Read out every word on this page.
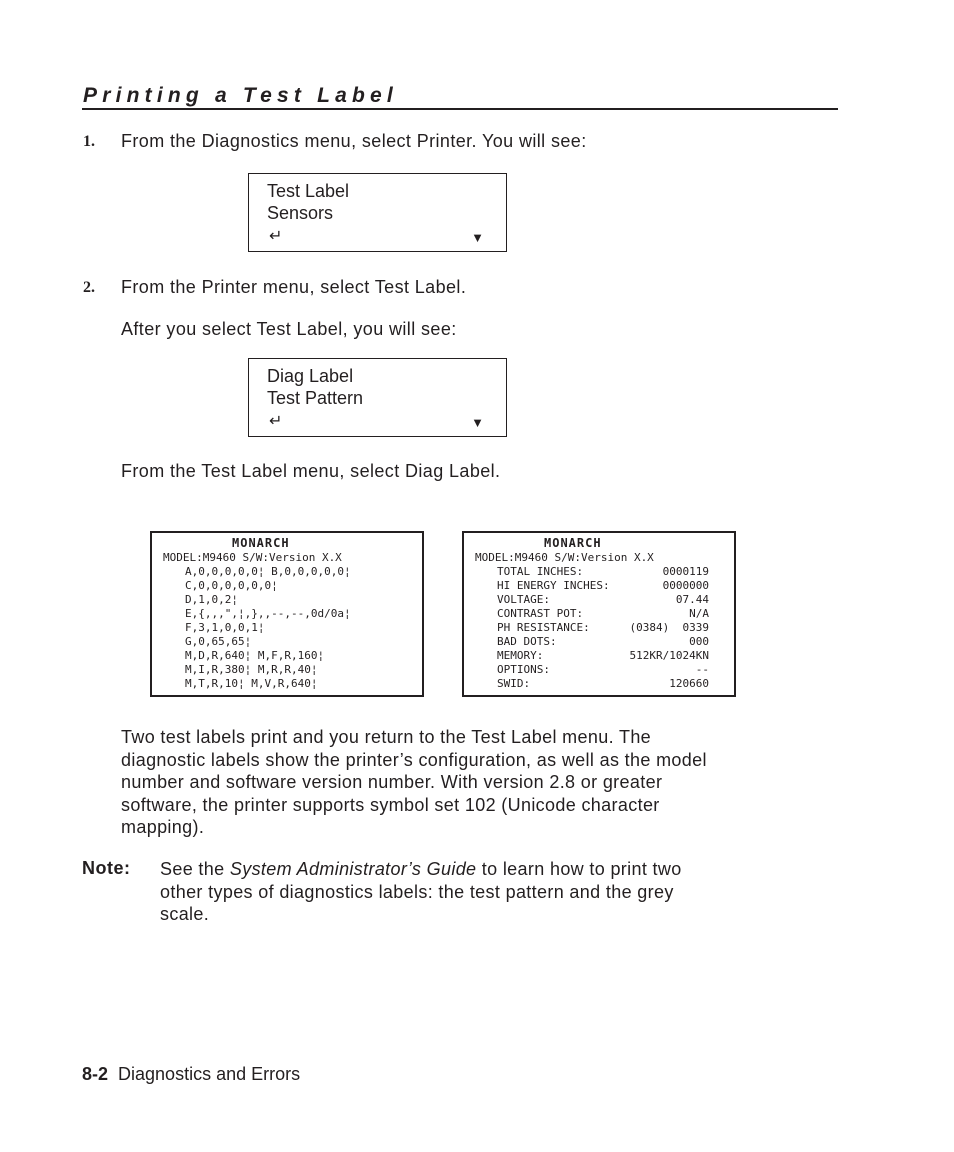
Printing a Test Label
1. From the Diagnostics menu, select Printer. You will see:
Test Label
Sensors
↵	▼
2. From the Printer menu, select Test Label.
After you select Test Label, you will see:
Diag Label
Test Pattern
↵	▼
From the Test Label menu, select Diag Label.
MONARCH
MODEL:M9460 S/W:Version X.X
A,0,0,0,0,0¦ B,0,0,0,0,0¦
C,0,0,0,0,0,0¦
D,1,0,2¦
E,{,,,",¦,},,--,--,0d/0a¦
F,3,1,0,0,1¦
G,0,65,65¦
M,D,R,640¦ M,F,R,160¦
M,I,R,380¦ M,R,R,40¦
M,T,R,10¦ M,V,R,640¦
MONARCH
MODEL:M9460 S/W:Version X.X
TOTAL INCHES:	0000119
HI ENERGY INCHES:	0000000
VOLTAGE:	07.44
CONTRAST POT:	N/A
PH RESISTANCE:	(0384)  0339
BAD DOTS:	000
MEMORY:	512KR/1024KN
OPTIONS:	--
SWID:	120660
Two test labels print and you return to the Test Label menu. The
diagnostic labels show the printer’s configuration, as well as the model
number and software version number. With version 2.8 or greater
software, the printer supports symbol set 102 (Unicode character
mapping).
Note: See the System Administrator’s Guide to learn how to print two
other types of diagnostics labels: the test pattern and the grey
scale.
8-2 Diagnostics and Errors
